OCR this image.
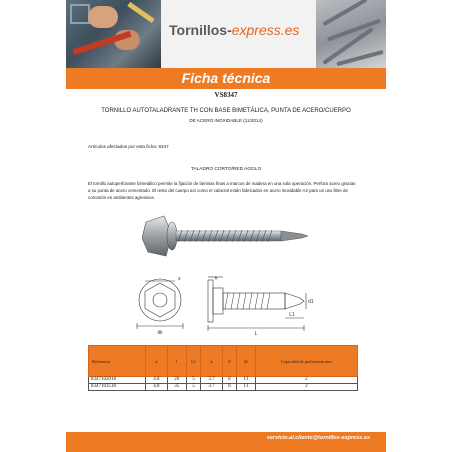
Tornillos-express.es
Ficha técnica
VS8347
TORNILLO AUTOTALADRANTE TH CON BASE BIMETÁLICA, PUNTA DE ACERO/CUERPO
DE ACERO INOXIDABLE (11/2014)
Artículos afectados por esta ficha: 8347
TALADRO CORTO/RED AGGLO
El tornillo autoperforante bimetálico permite la fijación de láminas finas a marcos de madera en una sola operación. Perfora acero gracias a su punta de acero cementado. El resto del cuerpo así como el cabezal están fabricados en acero inoxidable A2 para un uso libre de corrosión en ambientes agresivos.
dk
s	k
L
L1
d1
Referencia	ø	l	L1	k	S	d1	Capacidad de perforación mm
8347102018	4.8	20	5	3.7	8	11	2
8347103518	4.8	35	5	3.7	8	11	2
servicio.al.cliente@tornillos-express.es
